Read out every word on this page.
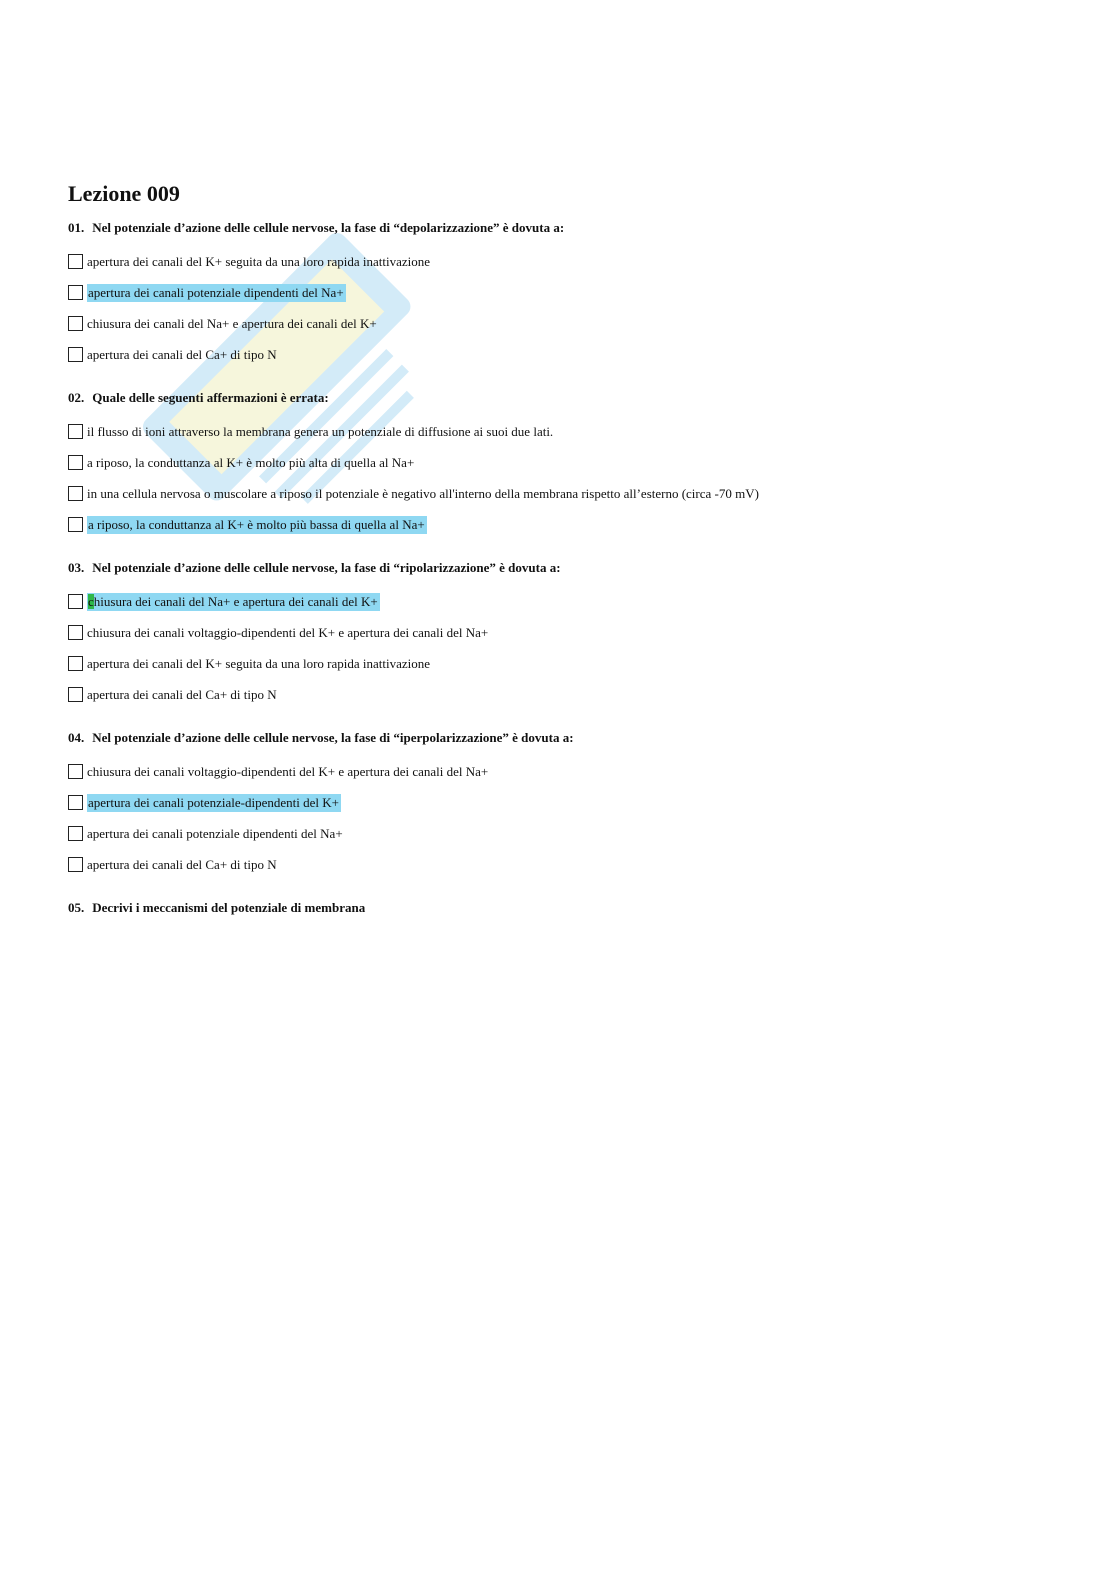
Lezione 009
01. Nel potenziale d’azione delle cellule nervose, la fase di “depolarizzazione” è dovuta a:
apertura dei canali del K+ seguita da una loro rapida inattivazione
apertura dei canali potenziale dipendenti del Na+
chiusura dei canali del Na+ e apertura dei canali del K+
apertura dei canali del Ca+ di tipo N
02. Quale delle seguenti affermazioni è errata:
il flusso di ioni attraverso la membrana genera un potenziale di diffusione ai suoi due lati.
a riposo, la conduttanza al K+ è molto più alta di quella al Na+
in una cellula nervosa o muscolare a riposo il potenziale è negativo all'interno della membrana rispetto all’esterno (circa -70 mV)
a riposo, la conduttanza al K+ è molto più bassa di quella al Na+
03. Nel potenziale d’azione delle cellule nervose, la fase di “ripolarizzazione” è dovuta a:
chiusura dei canali del Na+ e apertura dei canali del K+
chiusura dei canali voltaggio-dipendenti del K+ e apertura dei canali del Na+
apertura dei canali del K+ seguita da una loro rapida inattivazione
apertura dei canali del Ca+ di tipo N
04. Nel potenziale d’azione delle cellule nervose, la fase di “iperpolarizzazione” è dovuta a:
chiusura dei canali voltaggio-dipendenti del K+ e apertura dei canali del Na+
apertura dei canali potenziale-dipendenti del K+
apertura dei canali potenziale dipendenti del Na+
apertura dei canali del Ca+ di tipo N
05. Decrivi i meccanismi del potenziale di membrana
